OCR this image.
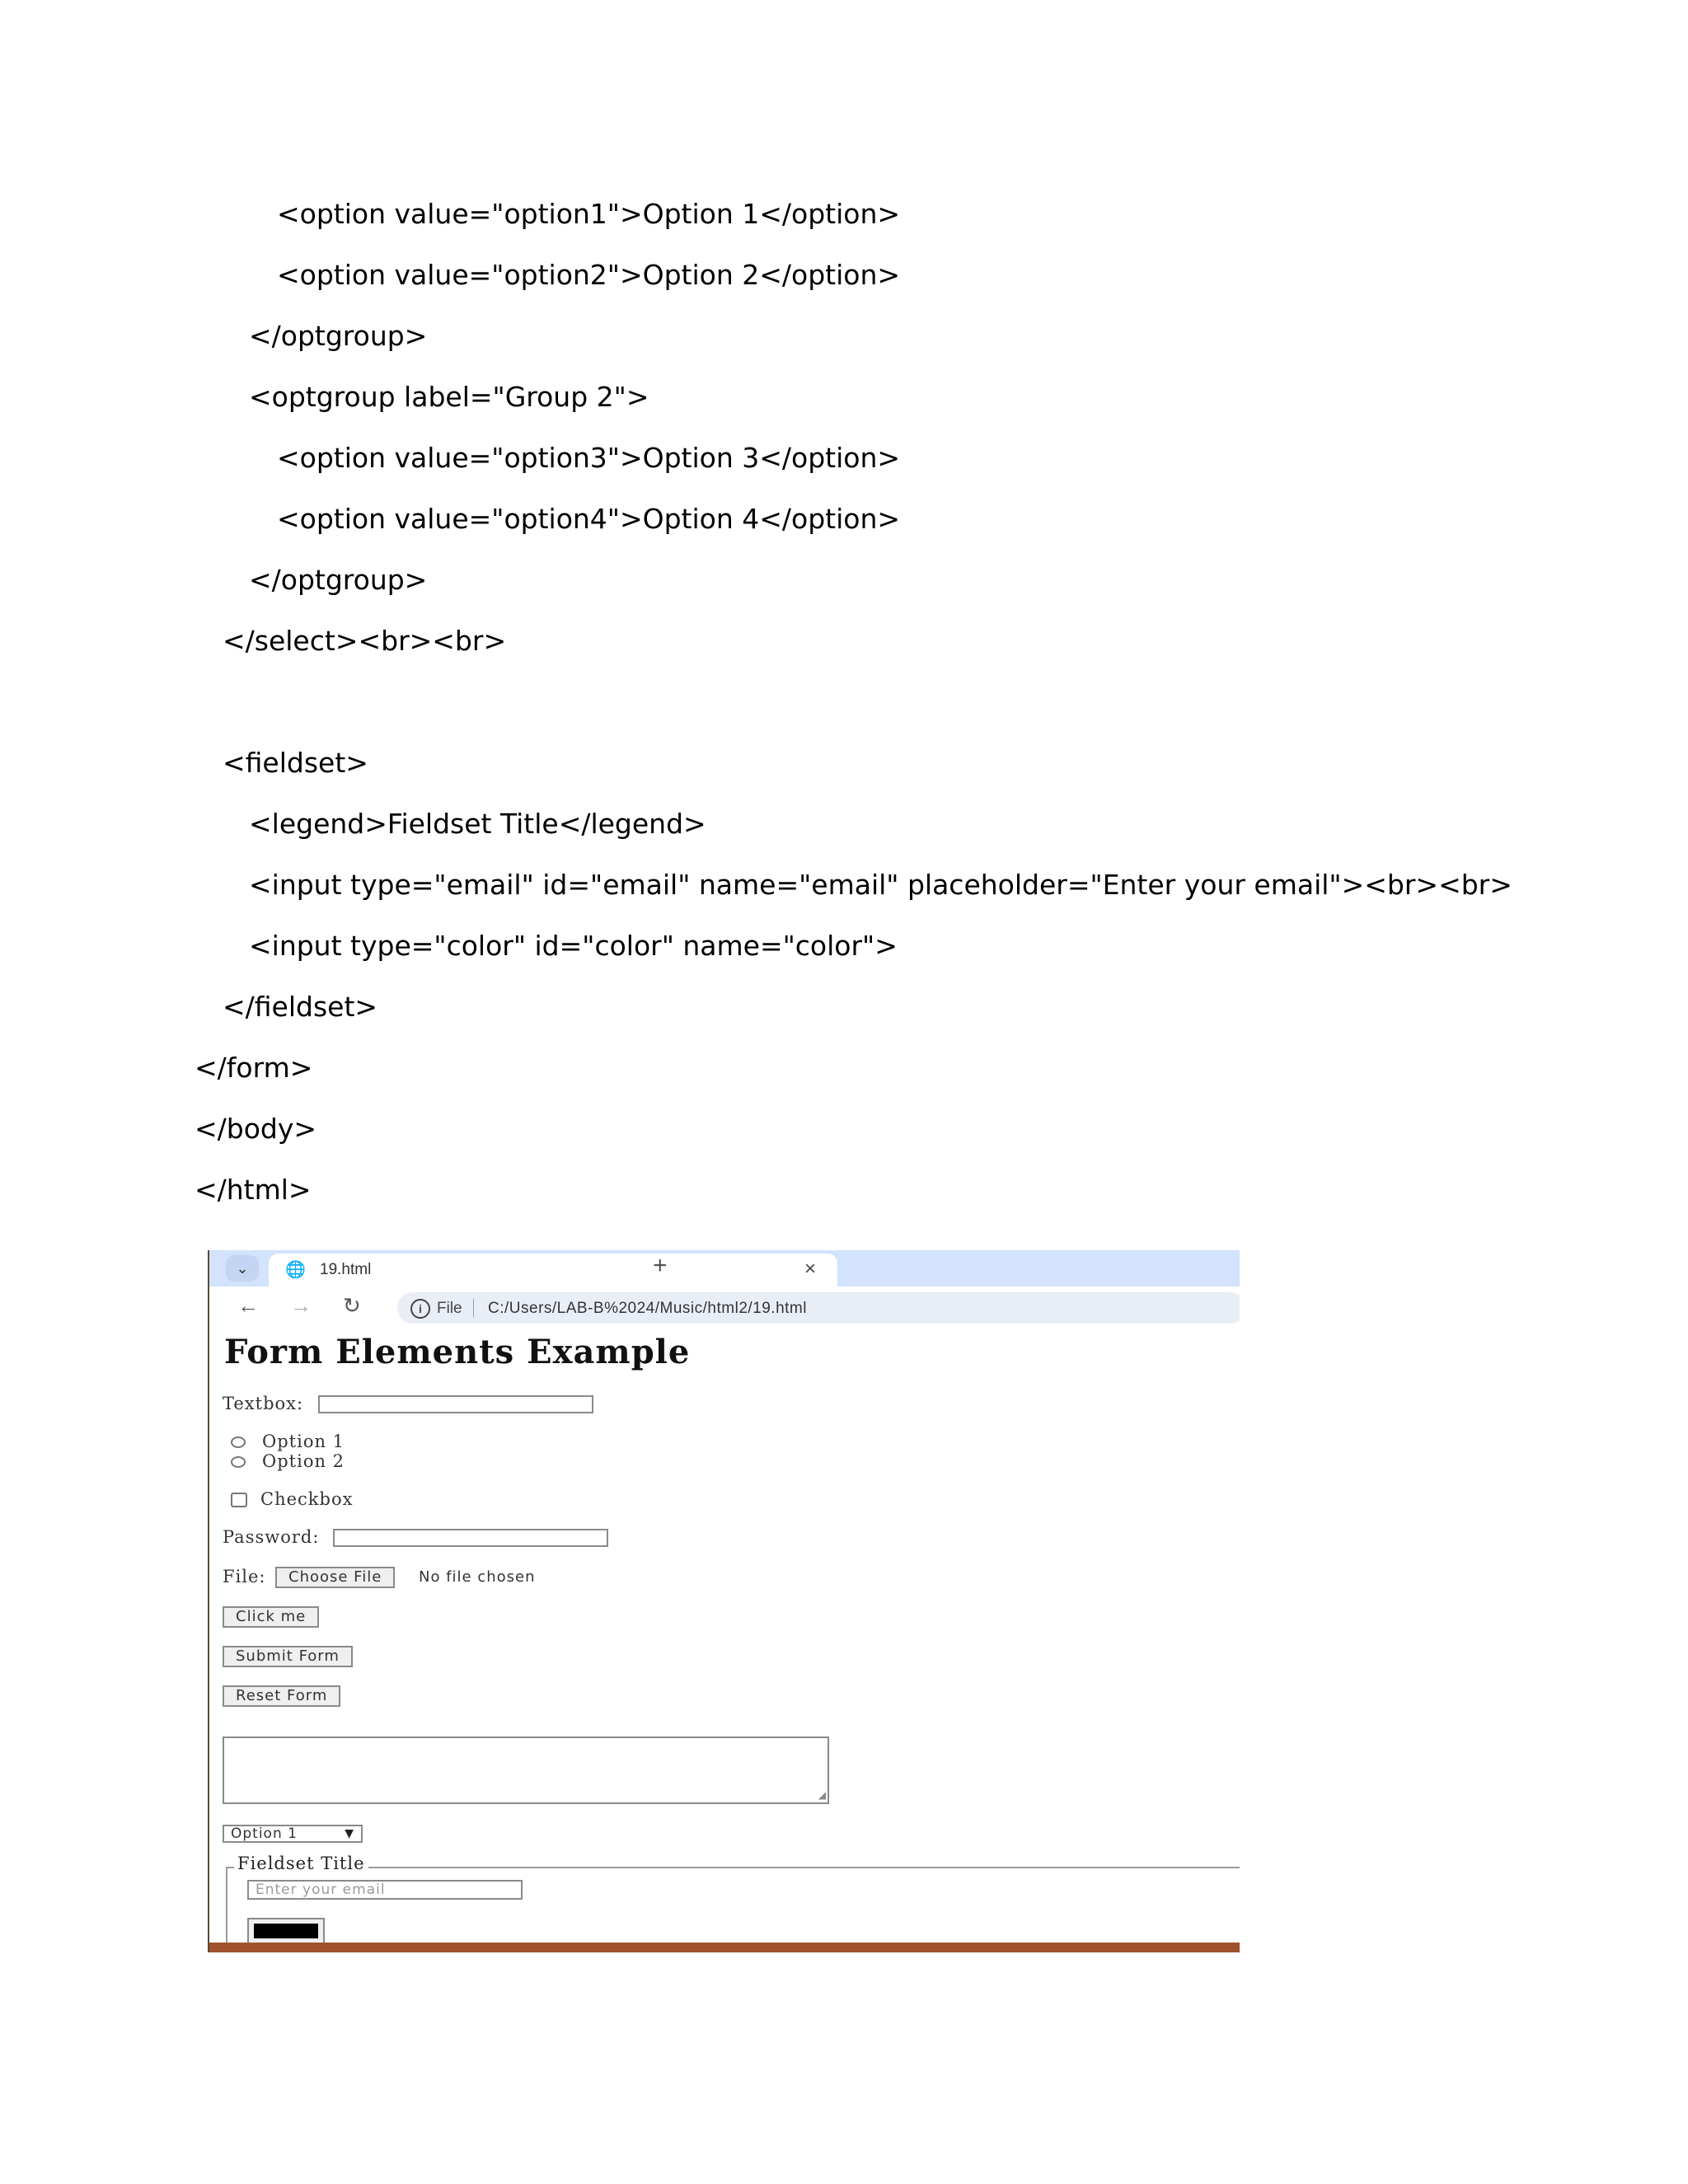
<option value="option1">Option 1</option>
<option value="option2">Option 2</option>
</optgroup>
<optgroup label="Group 2">
<option value="option3">Option 3</option>
<option value="option4">Option 4</option>
</optgroup>
</select><br><br>
<fieldset>
<legend>Fieldset Title</legend>
<input type="email" id="email" name="email" placeholder="Enter your email"><br><br>
<input type="color" id="color" name="color">
</fieldset>
</form>
</body>
</html>
⌄	🌐 19.html	×
+
← → ↻	i File C:/Users/LAB-B%2024/Music/html2/19.html
Form Elements Example
Textbox:
Option 1
Option 2
Checkbox
Password:
File:	Choose File	No file chosen
Click me
Submit Form
Reset Form
◢
Option 1	▼
Fieldset Title
Enter your email
